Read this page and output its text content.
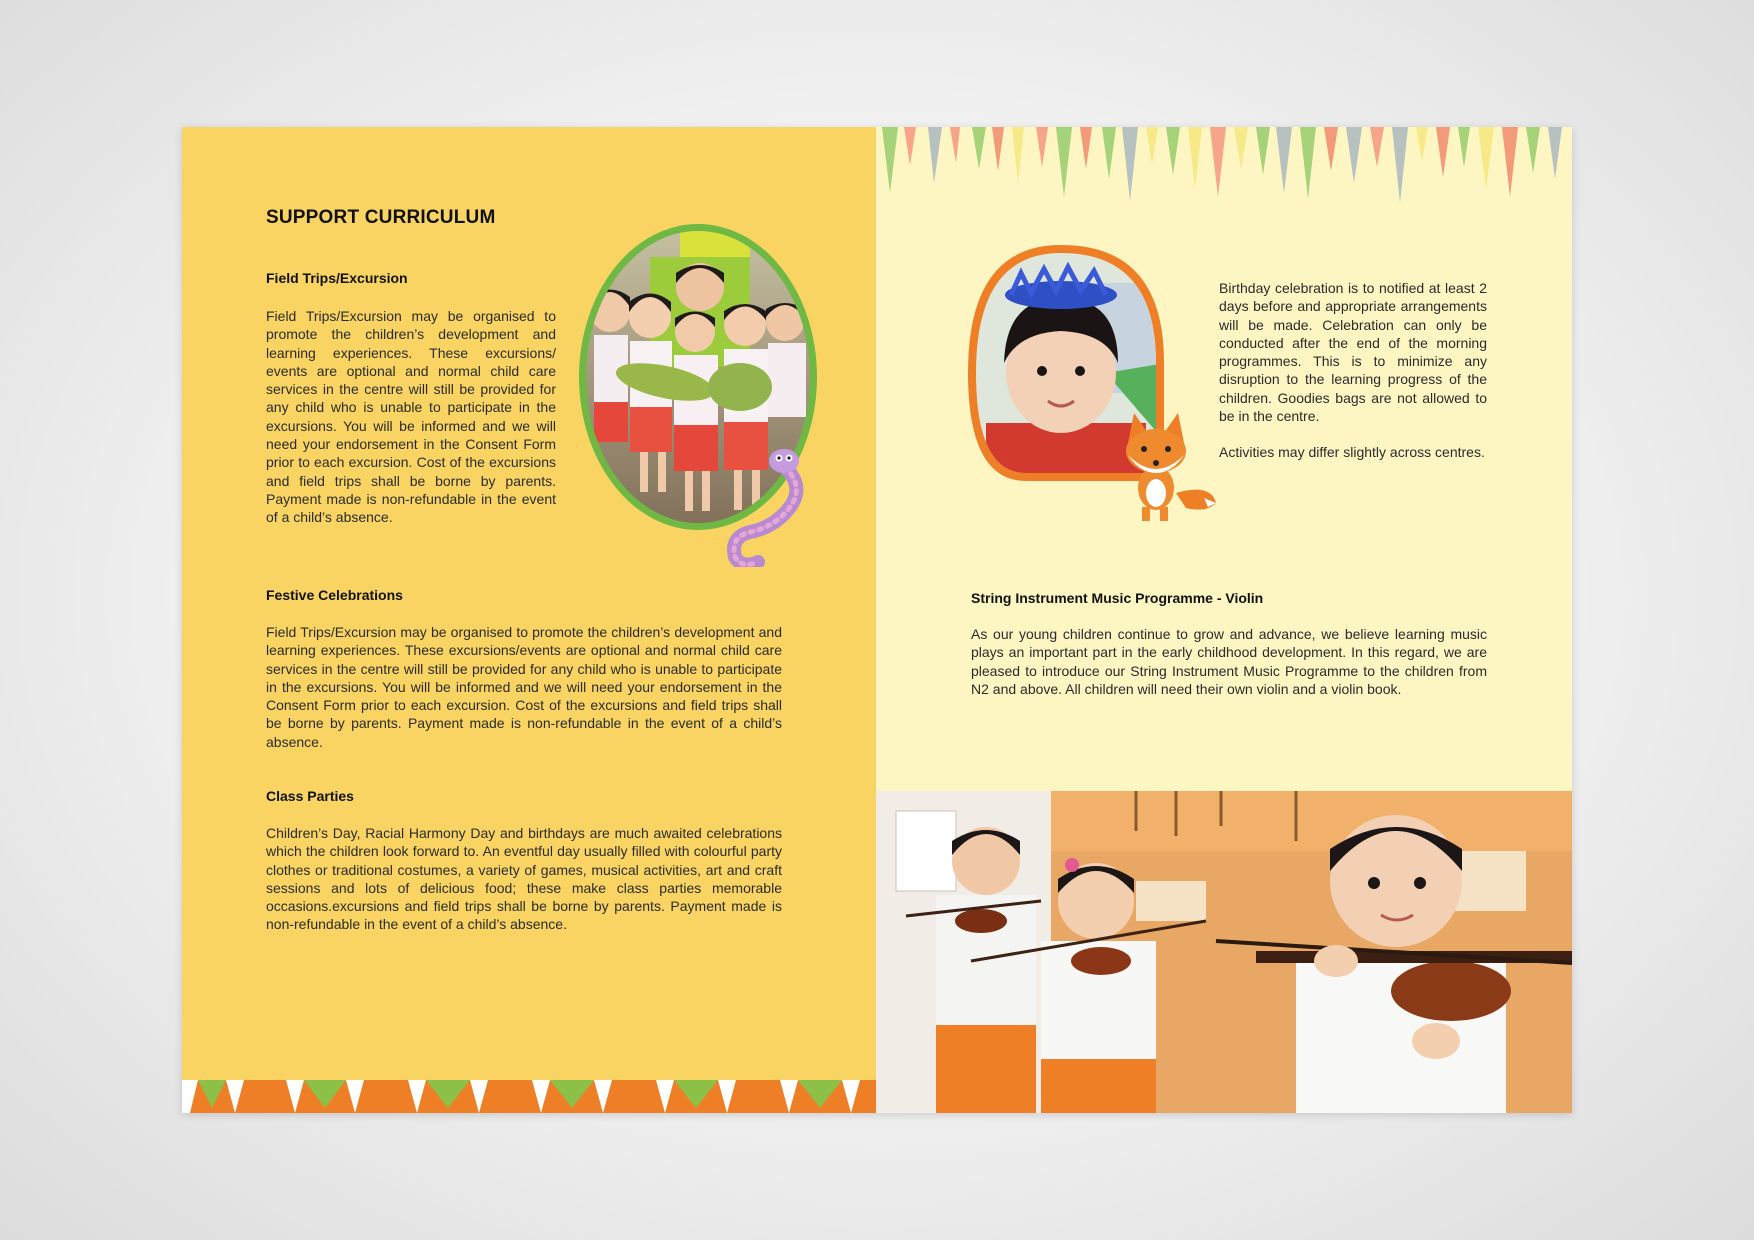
SUPPORT CURRICULUM
Field Trips/Excursion
Field Trips/Excursion may be organised to promote the children’s development and learning experiences. These excursions/ events are optional and normal child care services in the centre will still be provided for any child who is unable to participate in the excursions. You will be informed and we will need your endorsement in the Consent Form prior to each excursion. Cost of the excursions and field trips shall be borne by parents. Payment made is non-refundable in the event of a child’s absence.
Festive Celebrations
Field Trips/Excursion may be organised to promote the children’s development and learning experiences. These excursions/events are optional and normal child care services in the centre will still be provided for any child who is unable to participate in the excursions. You will be informed and we will need your endorsement in the Consent Form prior to each excursion. Cost of the excursions and field trips shall be borne by parents. Payment made is non-refundable in the event of a child’s absence.
Class Parties
Children’s Day, Racial Harmony Day and birthdays are much awaited celebrations which the children look forward to. An eventful day usually filled with colourful party clothes or traditional costumes, a variety of games, musical activities, art and craft sessions and lots of delicious food; these make class parties memorable occasions.excursions and field trips shall be borne by parents. Payment made is non-refundable in the event of a child’s absence.
Birthday celebration is to notified at least 2 days before and appropriate arrangements will be made. Celebration can only be conducted after the end of the morning programmes. This is to minimize any disruption to the learning progress of the children. Goodies bags are not allowed to be in the centre.
Activities may differ slightly across centres.
String Instrument Music Programme - Violin
As our young children continue to grow and advance, we believe learning music plays an important part in the early childhood development. In this regard, we are pleased to introduce our String Instrument Music Programme to the children from N2 and above. All children will need their own violin and a violin book.
